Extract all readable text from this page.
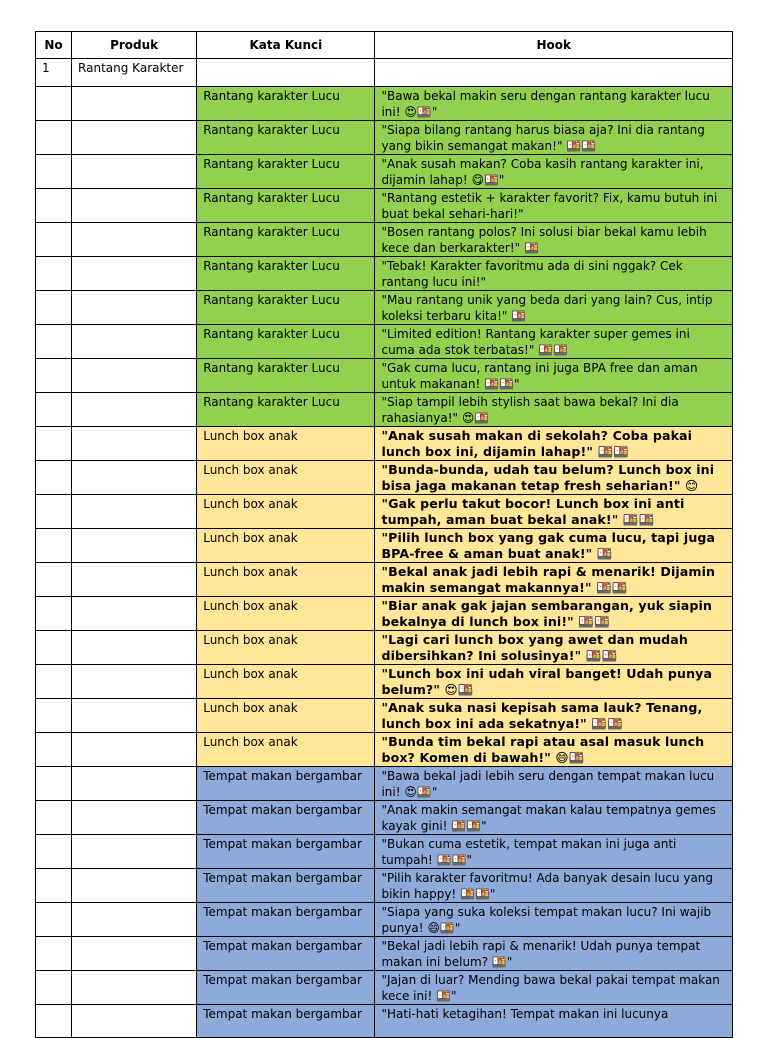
No	Produk	Kata Kunci	Hook

1	Rantang Karakter		

		Rantang karakter Lucu	"Bawa bekal makin seru dengan rantang karakter lucu ini! 😍🍱"

		Rantang karakter Lucu	"Siapa bilang rantang harus biasa aja? Ini dia rantang yang bikin semangat makan!" 🍱🍱

		Rantang karakter Lucu	"Anak susah makan? Coba kasih rantang karakter ini, dijamin lahap! 😋🍱"

		Rantang karakter Lucu	"Rantang estetik + karakter favorit? Fix, kamu butuh ini buat bekal sehari-hari!"

		Rantang karakter Lucu	"Bosen rantang polos? Ini solusi biar bekal kamu lebih kece dan berkarakter!" 🍱

		Rantang karakter Lucu	"Tebak! Karakter favoritmu ada di sini nggak? Cek rantang lucu ini!"

		Rantang karakter Lucu	"Mau rantang unik yang beda dari yang lain? Cus, intip koleksi terbaru kita!" 🍱

		Rantang karakter Lucu	"Limited edition! Rantang karakter super gemes ini cuma ada stok terbatas!" 🍱🍱

		Rantang karakter Lucu	"Gak cuma lucu, rantang ini juga BPA free dan aman untuk makanan! 🍱🍱"

		Rantang karakter Lucu	"Siap tampil lebih stylish saat bawa bekal? Ini dia rahasianya!" 😍🍱

		Lunch box anak	"Anak susah makan di sekolah? Coba pakai lunch box ini, dijamin lahap!" 🍱🍱

		Lunch box anak	"Bunda-bunda, udah tau belum? Lunch box ini bisa jaga makanan tetap fresh seharian!" 😊

		Lunch box anak	"Gak perlu takut bocor! Lunch box ini anti tumpah, aman buat bekal anak!" 🍱🍱

		Lunch box anak	"Pilih lunch box yang gak cuma lucu, tapi juga BPA-free & aman buat anak!" 🍱

		Lunch box anak	"Bekal anak jadi lebih rapi & menarik! Dijamin makin semangat makannya!" 🍱🍱

		Lunch box anak	"Biar anak gak jajan sembarangan, yuk siapin bekalnya di lunch box ini!" 🍱🍱

		Lunch box anak	"Lagi cari lunch box yang awet dan mudah dibersihkan? Ini solusinya!" 🍱🍱

		Lunch box anak	"Lunch box ini udah viral banget! Udah punya belum?" 😍🍱

		Lunch box anak	"Anak suka nasi kepisah sama lauk? Tenang, lunch box ini ada sekatnya!" 🍱🍱

		Lunch box anak	"Bunda tim bekal rapi atau asal masuk lunch box? Komen di bawah!" 😄🍱

		Tempat makan bergambar	"Bawa bekal jadi lebih seru dengan tempat makan lucu ini! 😍🍱"

		Tempat makan bergambar	"Anak makin semangat makan kalau tempatnya gemes kayak gini! 🍱🍱"

		Tempat makan bergambar	"Bukan cuma estetik, tempat makan ini juga anti tumpah! 🍱🍱"

		Tempat makan bergambar	"Pilih karakter favoritmu! Ada banyak desain lucu yang bikin happy! 🍱🍱"

		Tempat makan bergambar	"Siapa yang suka koleksi tempat makan lucu? Ini wajib punya! 😄🍱"

		Tempat makan bergambar	"Bekal jadi lebih rapi & menarik! Udah punya tempat makan ini belum? 🍱"

		Tempat makan bergambar	"Jajan di luar? Mending bawa bekal pakai tempat makan kece ini! 🍱"

		Tempat makan bergambar	"Hati-hati ketagihan! Tempat makan ini lucunya
